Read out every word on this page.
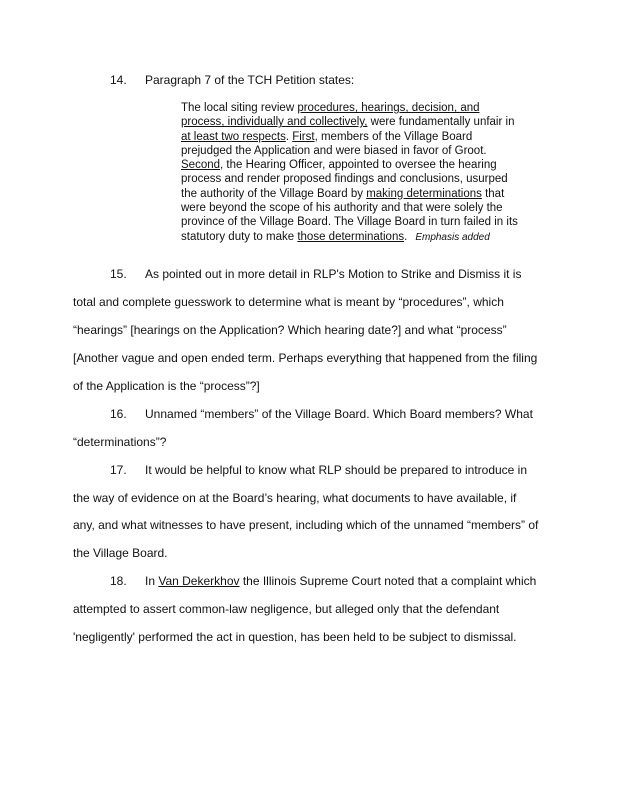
14. Paragraph 7 of the TCH Petition states:
The local siting review procedures, hearings, decision, and
process, individually and collectively, were fundamentally unfair in
at least two respects. First, members of the Village Board
prejudged the Application and were biased in favor of Groot.
Second, the Hearing Officer, appointed to oversee the hearing
process and render proposed findings and conclusions, usurped
the authority of the Village Board by making determinations that
were beyond the scope of his authority and that were solely the
province of the Village Board. The Village Board in turn failed in its
statutory duty to make those determinations. Emphasis added
15. As pointed out in more detail in RLP's Motion to Strike and Dismiss it is
total and complete guesswork to determine what is meant by “procedures”, which
“hearings” [hearings on the Application? Which hearing date?] and what “process”
[Another vague and open ended term. Perhaps everything that happened from the filing
of the Application is the “process”?]
16. Unnamed “members” of the Village Board. Which Board members? What
“determinations”?
17. It would be helpful to know what RLP should be prepared to introduce in
the way of evidence on at the Board’s hearing, what documents to have available, if
any, and what witnesses to have present, including which of the unnamed “members” of
the Village Board.
18. In Van Dekerkhov the Illinois Supreme Court noted that a complaint which
attempted to assert common-law negligence, but alleged only that the defendant
'negligently' performed the act in question, has been held to be subject to dismissal.
